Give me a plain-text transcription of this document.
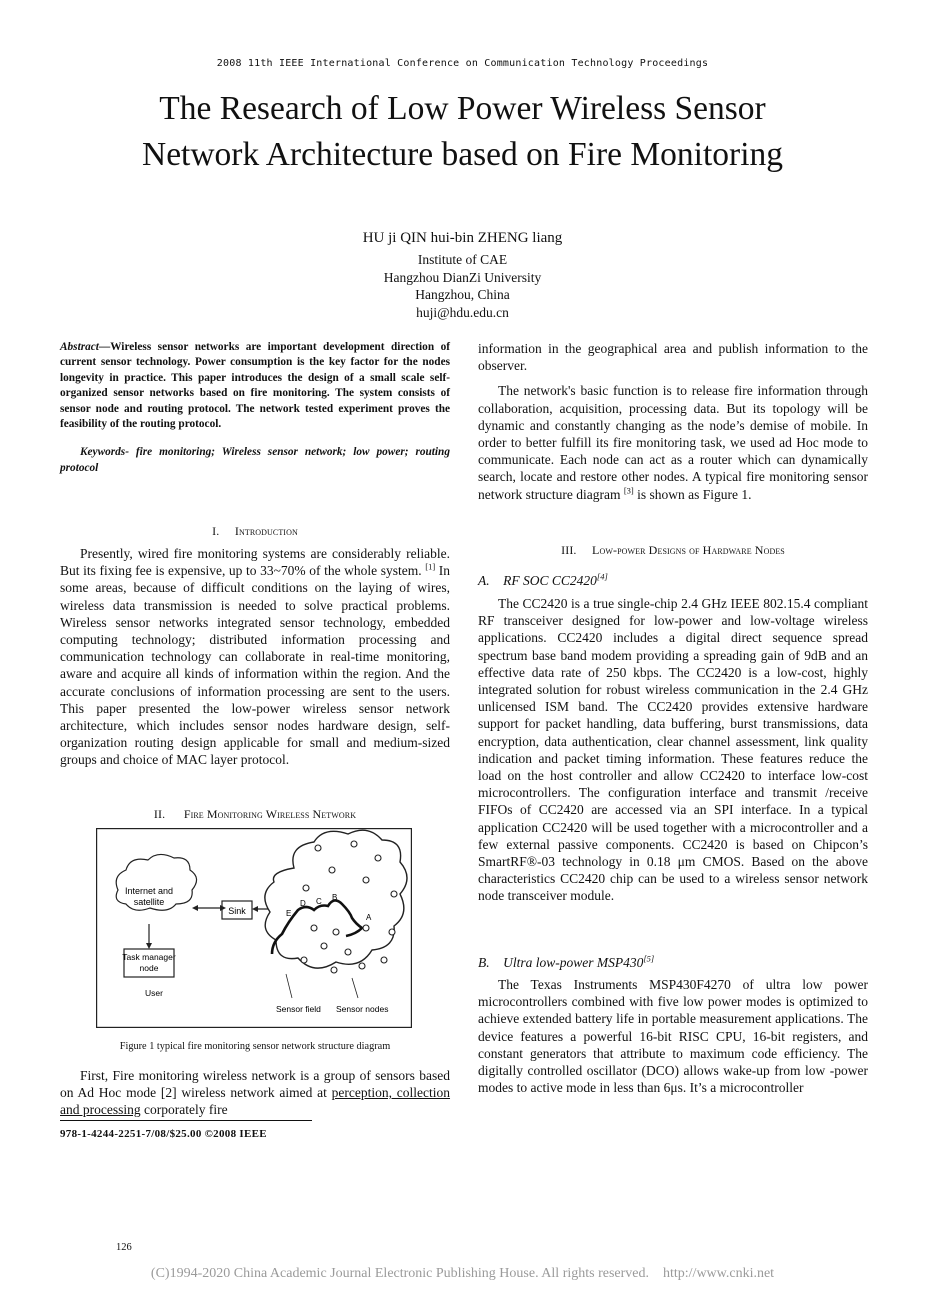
2008 11th IEEE International Conference on Communication Technology Proceedings
The Research of Low Power Wireless Sensor
Network Architecture based on Fire Monitoring
HU ji QIN hui-bin ZHENG liang
Institute of CAE
Hangzhou DianZi University
Hangzhou, China
huji@hdu.edu.cn
Abstract—Wireless sensor networks are important development direction of current sensor technology. Power consumption is the key factor for the nodes longevity in practice. This paper introduces the design of a small scale self-organized sensor networks based on fire monitoring. The system consists of sensor node and routing protocol. The network tested experiment proves the feasibility of the routing protocol.
Keywords- fire monitoring; Wireless sensor network; low power; routing protocol
I. Introduction

Presently, wired fire monitoring systems are considerably reliable. But its fixing fee is expensive, up to 33~70% of the whole system. [1] In some areas, because of difficult conditions on the laying of wires, wireless data transmission is needed to solve practical problems. Wireless sensor networks integrated sensor technology, embedded computing technology; distributed information processing and communication technology can collaborate in real-time monitoring, aware and acquire all kinds of information within the region. And the accurate conclusions of information processing are sent to the users. This paper presented the low-power wireless sensor network architecture, which includes sensor nodes hardware design, self- organization routing design applicable for small and medium-sized groups and choice of MAC layer protocol.

II. Fire Monitoring Wireless Network
Internet and
satellite
Sink
Task manager
node
User
E
D C B
A
Sensor field Sensor nodes
Figure 1 typical fire monitoring sensor network structure diagram

First, Fire monitoring wireless network is a group of sensors based on Ad Hoc mode [2] wireless network aimed at perception, collection and processing corporately fire

978-1-4244-2251-7/08/$25.00 ©2008 IEEE
information in the geographical area and publish information to the observer.

The network's basic function is to release fire information through collaboration, acquisition, processing data. But its topology will be dynamic and constantly changing as the node’s demise of mobile. In order to better fulfill its fire monitoring task, we used ad Hoc mode to communicate. Each node can act as a router which can dynamically search, locate and restore other nodes. A typical fire monitoring sensor network structure diagram [3] is shown as Figure 1.

III. Low-power Designs of Hardware Nodes
A. RF SOC CC2420[4]

The CC2420 is a true single-chip 2.4 GHz IEEE 802.15.4 compliant RF transceiver designed for low-power and low-voltage wireless applications. CC2420 includes a digital direct sequence spread spectrum base band modem providing a spreading gain of 9dB and an effective data rate of 250 kbps. The CC2420 is a low-cost, highly integrated solution for robust wireless communication in the 2.4 GHz unlicensed ISM band. The CC2420 provides extensive hardware support for packet handling, data buffering, burst transmissions, data encryption, data authentication, clear channel assessment, link quality indication and packet timing information. These features reduce the load on the host controller and allow CC2420 to interface low-cost microcontrollers. The configuration interface and transmit /receive FIFOs of CC2420 are accessed via an SPI interface. In a typical application CC2420 will be used together with a microcontroller and a few external passive components. CC2420 is based on Chipcon’s SmartRF®-03 technology in 0.18 μm CMOS. Based on the above characteristics CC2420 chip can be used to a wireless sensor network node transceiver module.

B. Ultra low-power MSP430[5]

The Texas Instruments MSP430F4270 of ultra low power microcontrollers combined with five low power modes is optimized to achieve extended battery life in portable measurement applications. The device features a powerful 16-bit RISC CPU, 16-bit registers, and constant generators that attribute to maximum code efficiency. The digitally controlled oscillator (DCO) allows wake-up from low -power modes to active mode in less than 6μs. It’s a microcontroller

126
(C)1994-2020 China Academic Journal Electronic Publishing House. All rights reserved.    http://www.cnki.net
